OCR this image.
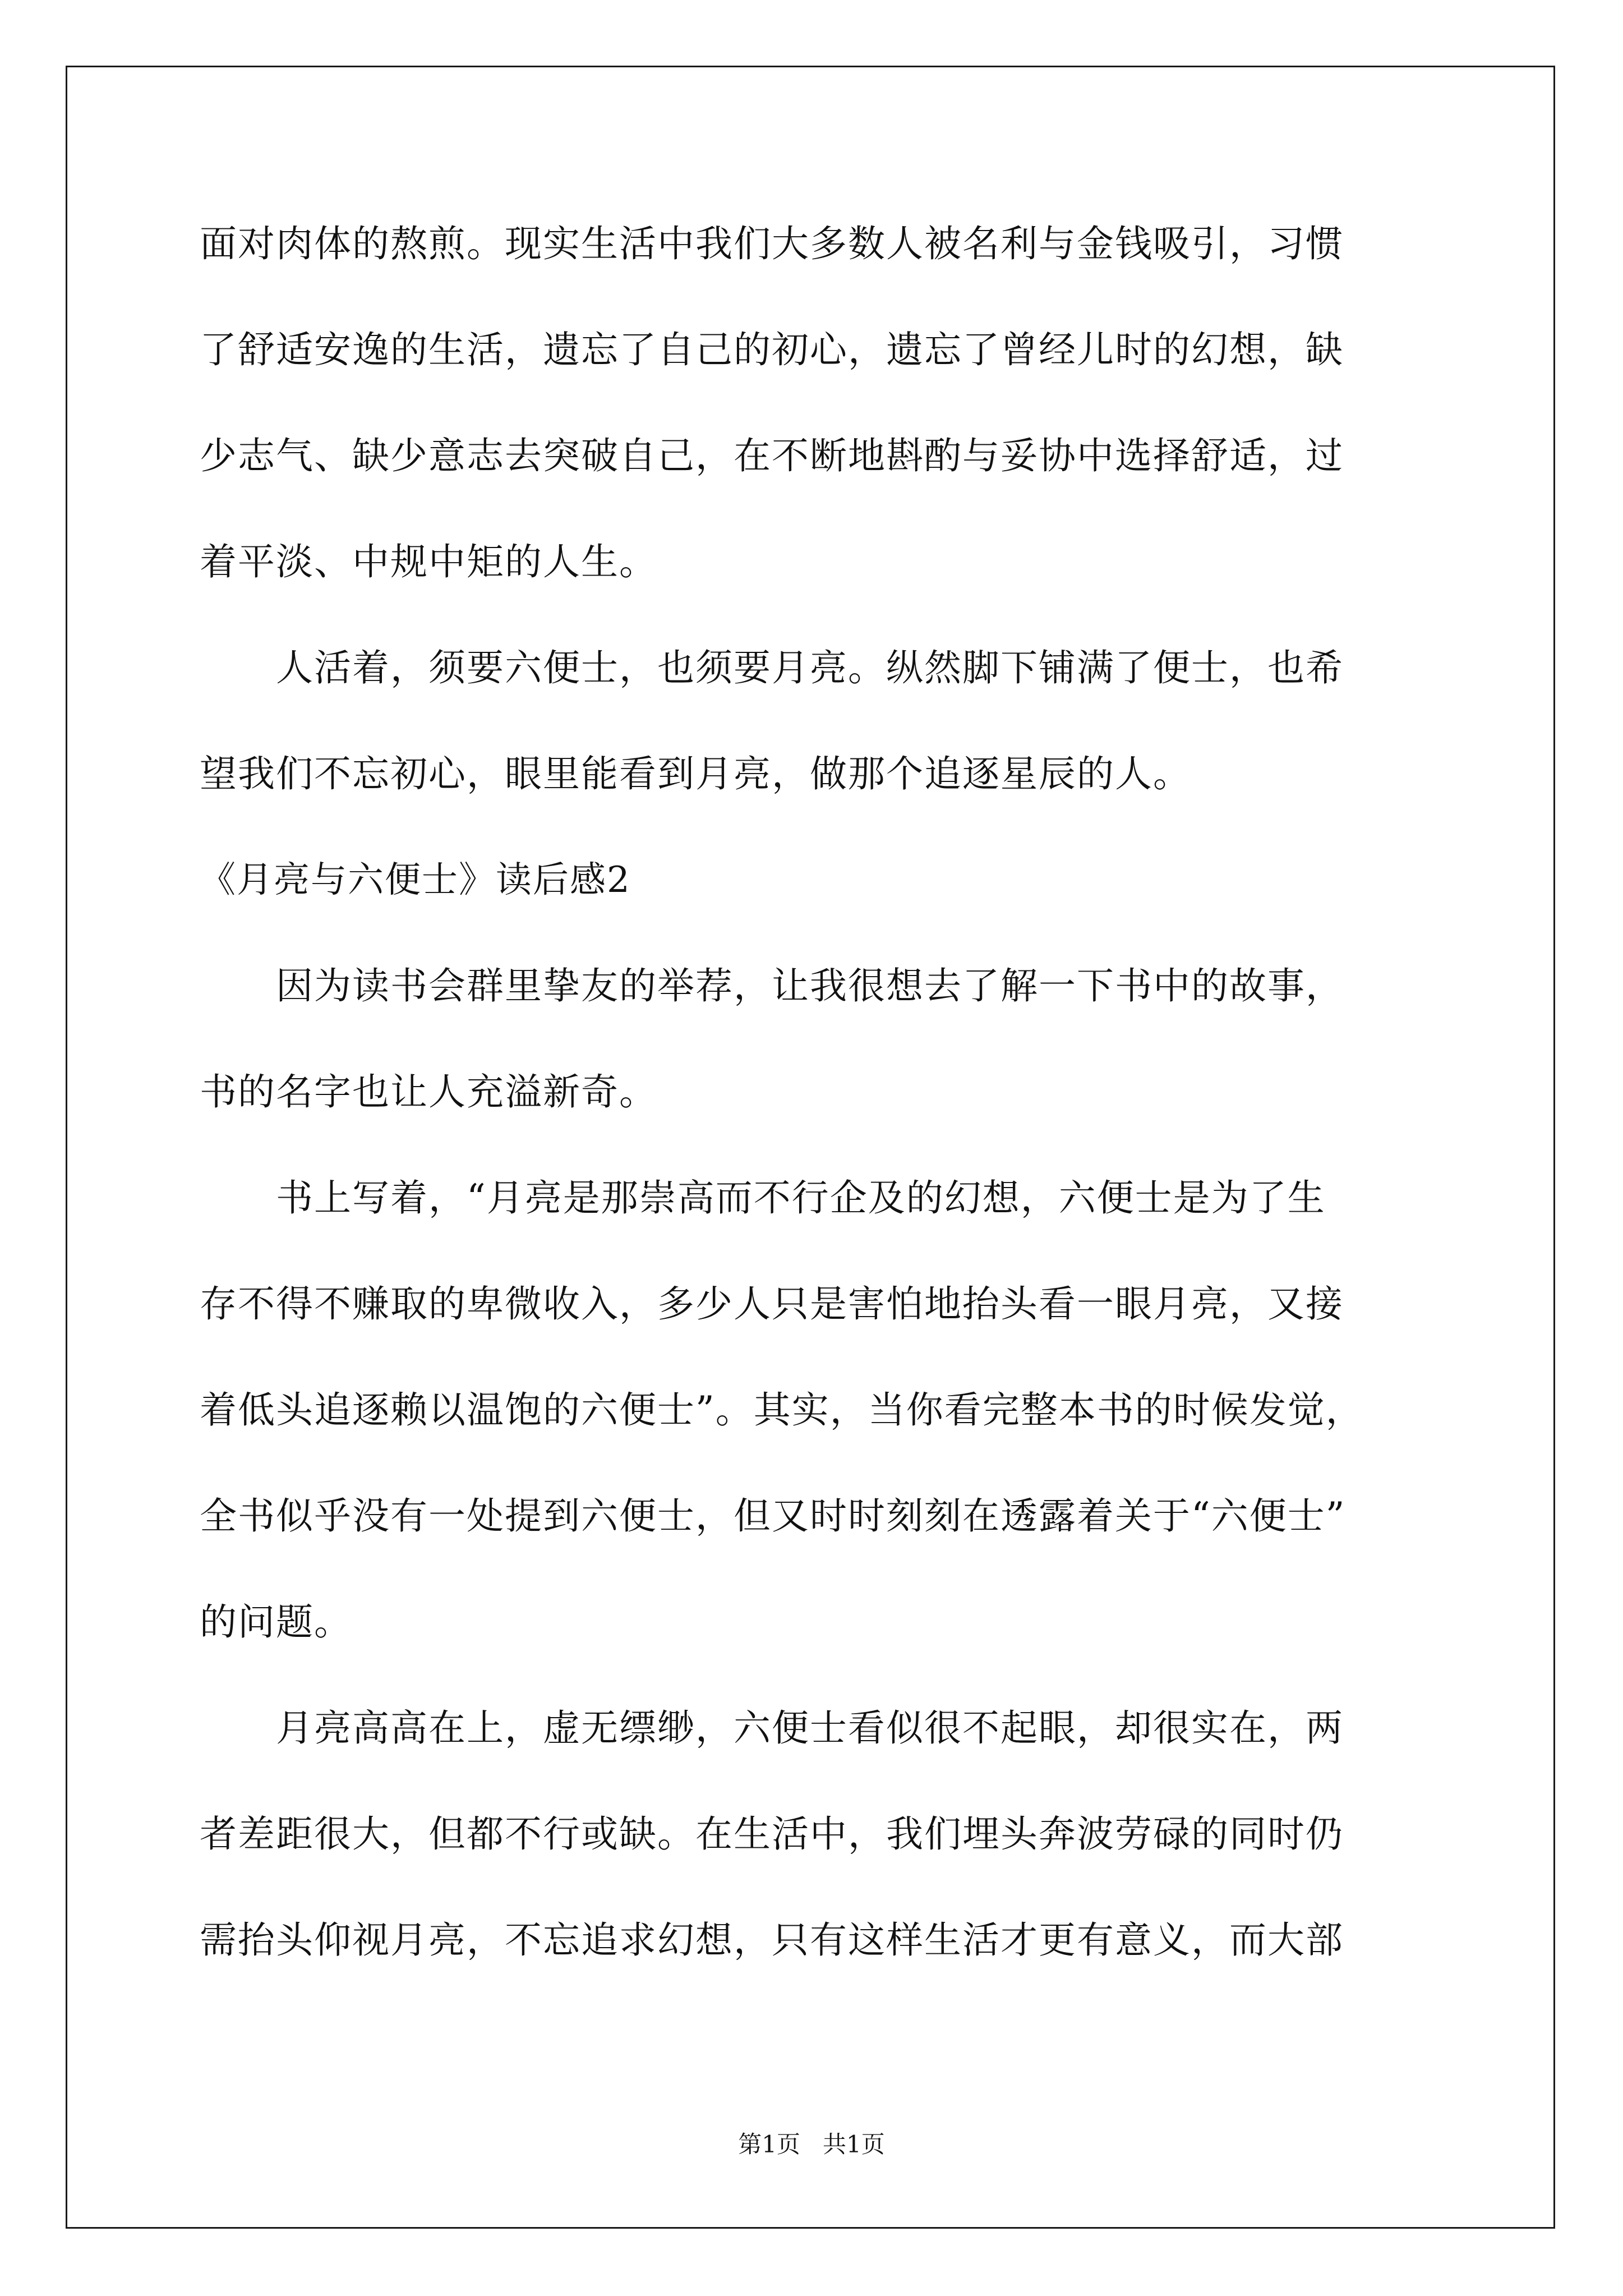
面对肉体的熬煎。现实生活中我们大多数人被名利与金钱吸引，习惯
了舒适安逸的生活，遗忘了自己的初心，遗忘了曾经儿时的幻想，缺
少志气、缺少意志去突破自己，在不断地斟酌与妥协中选择舒适，过
着平淡、中规中矩的人生。
　　人活着，须要六便士，也须要月亮。纵然脚下铺满了便士，也希
望我们不忘初心，眼里能看到月亮，做那个追逐星辰的人。
《月亮与六便士》读后感2
　　因为读书会群里挚友的举荐，让我很想去了解一下书中的故事，
书的名字也让人充溢新奇。
　　书上写着，“月亮是那崇高而不行企及的幻想，六便士是为了生
存不得不赚取的卑微收入，多少人只是害怕地抬头看一眼月亮，又接
着低头追逐赖以温饱的六便士”。其实，当你看完整本书的时候发觉，
全书似乎没有一处提到六便士，但又时时刻刻在透露着关于“六便士”
的问题。
　　月亮高高在上，虚无缥缈，六便士看似很不起眼，却很实在，两
者差距很大，但都不行或缺。在生活中，我们埋头奔波劳碌的同时仍
需抬头仰视月亮，不忘追求幻想，只有这样生活才更有意义，而大部
第1页 共1页
